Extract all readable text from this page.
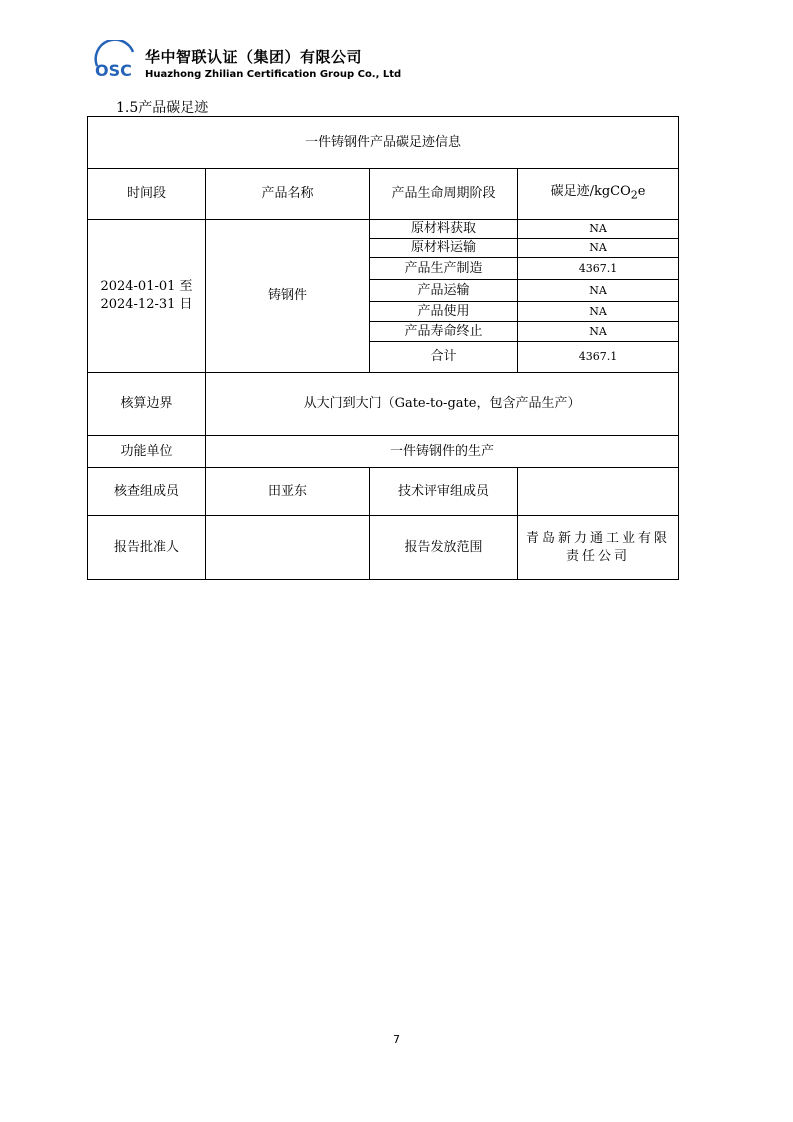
OSC
华中智联认证（集团）有限公司
Huazhong Zhilian Certification Group Co., Ltd
1.5产品碳足迹
一件铸钢件产品碳足迹信息			
时间段	产品名称	产品生命周期阶段	碳足迹/kgCO$_2$e
2024-01-01 至
2024-12-31 日	铸钢件	原材料获取	NA
		原材料运输	NA
		产品生产制造	4367.1
		产品运输	NA
		产品使用	NA
		产品寿命终止	NA
		合计	4367.1
核算边界	从大门到大门（Gate-to-gate，包含产品生产）		
功能单位	一件铸钢件的生产		
核查组成员	田亚东	技术评审组成员	
报告批准人		报告发放范围	青岛新力通工业有限责任公司
7
